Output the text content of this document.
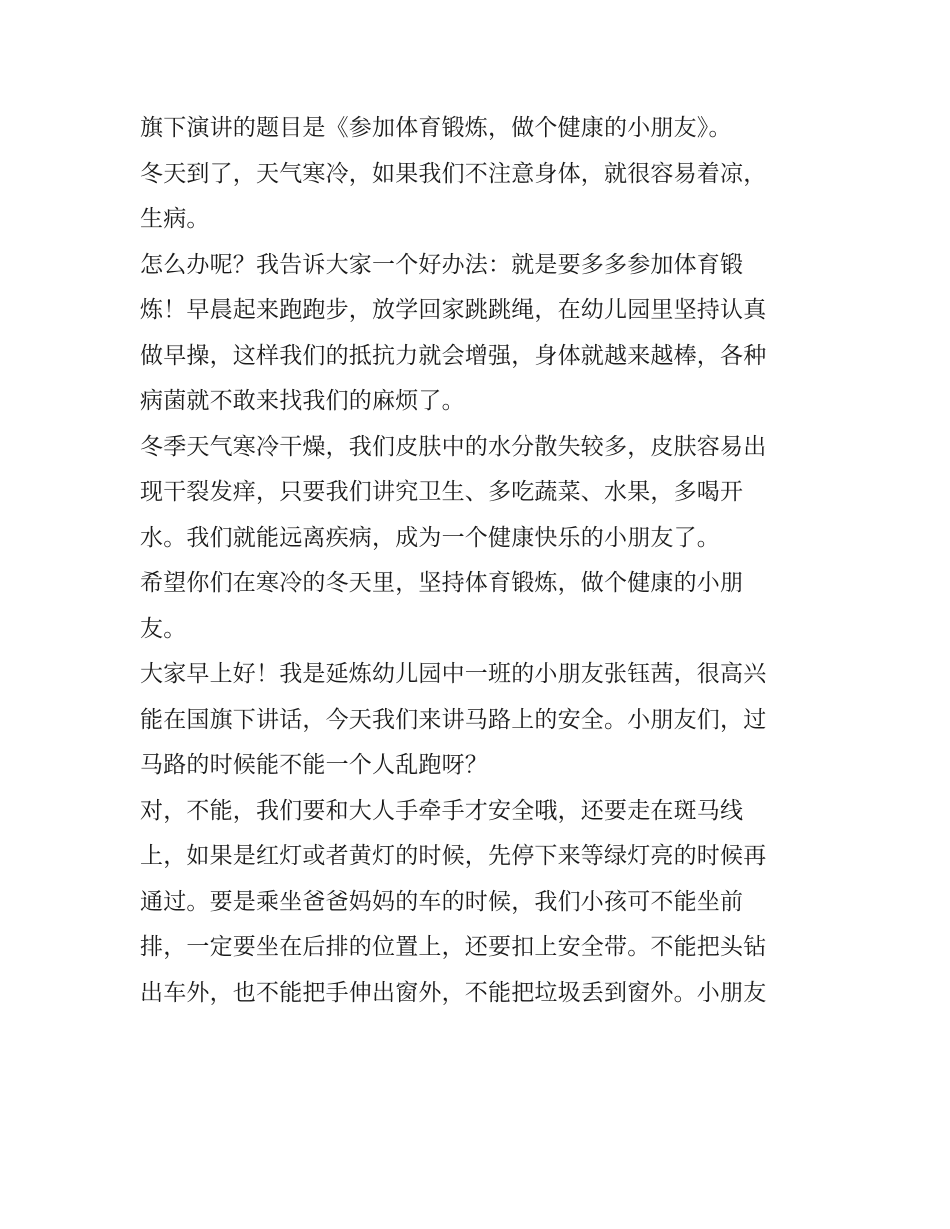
旗下演讲的题目是《参加体育锻炼，做个健康的小朋友》。
冬天到了，天气寒冷，如果我们不注意身体，就很容易着凉，
生病。
怎么办呢？我告诉大家一个好办法：就是要多多参加体育锻
炼！早晨起来跑跑步，放学回家跳跳绳，在幼儿园里坚持认真
做早操，这样我们的抵抗力就会增强，身体就越来越棒，各种
病菌就不敢来找我们的麻烦了。
冬季天气寒冷干燥，我们皮肤中的水分散失较多，皮肤容易出
现干裂发痒，只要我们讲究卫生、多吃蔬菜、水果，多喝开
水。我们就能远离疾病，成为一个健康快乐的小朋友了。
希望你们在寒冷的冬天里，坚持体育锻炼，做个健康的小朋
友。
大家早上好！我是延炼幼儿园中一班的小朋友张钰茜，很高兴
能在国旗下讲话，今天我们来讲马路上的安全。小朋友们，过
马路的时候能不能一个人乱跑呀？
对，不能，我们要和大人手牵手才安全哦，还要走在斑马线
上，如果是红灯或者黄灯的时候，先停下来等绿灯亮的时候再
通过。要是乘坐爸爸妈妈的车的时候，我们小孩可不能坐前
排，一定要坐在后排的位置上，还要扣上安全带。不能把头钻
出车外，也不能把手伸出窗外，不能把垃圾丢到窗外。小朋友
